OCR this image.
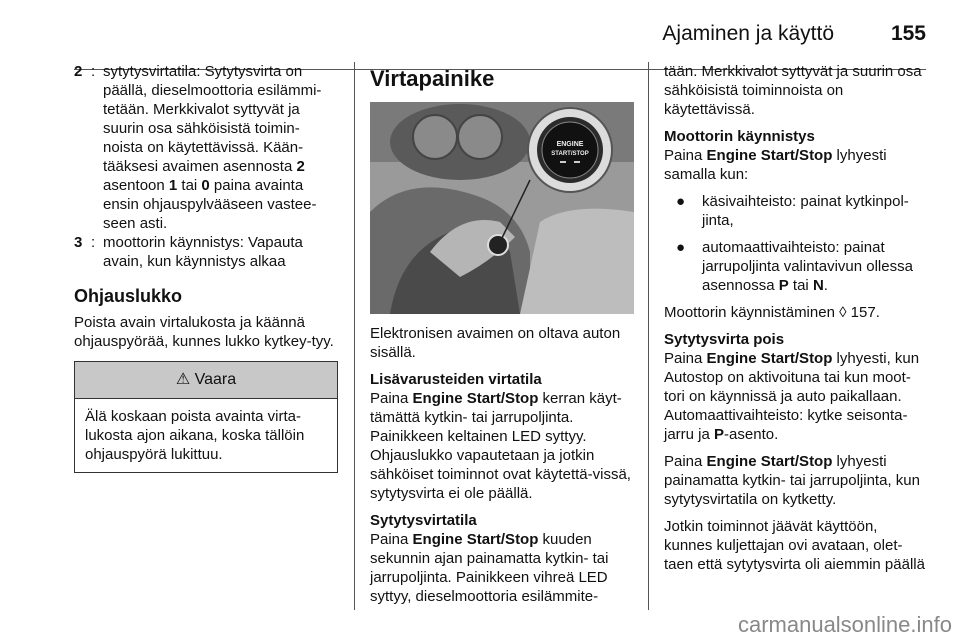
Ajaminen ja käyttö	155
2 : sytytysvirtatila: Sytytysvirta on päällä, dieselmoottoria esilämmi-tetään. Merkkivalot syttyvät ja suurin osa sähköisistä toimin-noista on käytettävissä. Kään-tääksesi avaimen asennosta 2 asentoon 1 tai 0 paina avainta ensin ohjauspylvääseen vastee-seen asti.
3 : moottorin käynnistys: Vapauta avain, kun käynnistys alkaa
Ohjauslukko

Poista avain virtalukosta ja käännä ohjauspyörää, kunnes lukko kytkey-tyy.

⚠ Vaara
Älä koskaan poista avainta virta-lukosta ajon aikana, koska tällöin ohjauspyörä lukittuu.
Virtapainike
ENGINE
START/STOP

Elektronisen avaimen on oltava auton sisällä.

Lisävarusteiden virtatila

Paina Engine Start/Stop kerran käyt-tämättä kytkin- tai jarrupoljinta. Painikkeen keltainen LED syttyy. Ohjauslukko vapautetaan ja jotkin sähköiset toiminnot ovat käytettä-vissä, sytytysvirta ei ole päällä.

Sytytysvirtatila

Paina Engine Start/Stop kuuden sekunnin ajan painamatta kytkin- tai jarrupoljinta. Painikkeen vihreä LED syttyy, dieselmoottoria esilämmite-

tään. Merkkivalot syttyvät ja suurin osa sähköisistä toiminnoista on käytettävissä.

Moottorin käynnistys

Paina Engine Start/Stop lyhyesti samalla kun:

●	käsivaihteisto: painat kytkinpol-jinta,
●	automaattivaihteisto: painat jarrupoljinta valintavivun ollessa asennossa P tai N.

Moottorin käynnistäminen ◊ 157.

Sytytysvirta pois

Paina Engine Start/Stop lyhyesti, kun Autostop on aktivoituna tai kun moot-tori on käynnissä ja auto paikallaan. Automaattivaihteisto: kytke seisonta-jarru ja P-asento.

Paina Engine Start/Stop lyhyesti painamatta kytkin- tai jarrupoljinta, kun sytytysvirtatila on kytketty.

Jotkin toiminnot jäävät käyttöön, kunnes kuljettajan ovi avataan, olet-taen että sytytysvirta oli aiemmin päällä

carmanualsonline.info
